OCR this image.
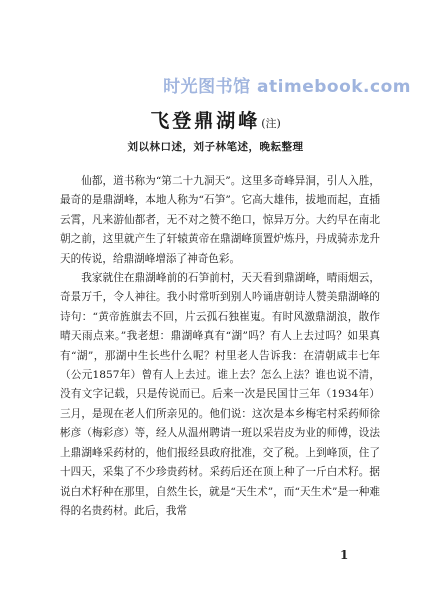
时光图书馆 atimebook.com
飞登鼎湖峰(注)
刘以林口述，刘子林笔述，晚耘整理

仙都，道书称为“第二十九洞天”。这里多奇峰异洞，引人入胜，最奇的是鼎湖峰，本地人称为“石笋”。它高大雄伟，拔地而起，直插云霄，凡来游仙都者，无不对之赞不绝口，惊异万分。大约早在南北朝之前，这里就产生了轩辕黄帝在鼎湖峰顶置炉炼丹，丹成骑赤龙升天的传说，给鼎湖峰增添了神奇色彩。

我家就住在鼎湖峰前的石笋前村，天天看到鼎湖峰，晴雨烟云，奇景万千，令人神往。我小时常听到别人吟诵唐朝诗人赞美鼎湖峰的诗句：“黄帝旌旗去不回，片云孤石独崔嵬。有时风激鼎湖浪，散作晴天雨点来。”我老想：鼎湖峰真有“湖”吗？有人上去过吗？如果真有“湖”，那湖中生长些什么呢？村里老人告诉我：在清朝咸丰七年（公元1857年）曾有人上去过。谁上去？怎么上法？谁也说不清，没有文字记载，只是传说而已。后来一次是民国廿三年（1934年）三月，是现在老人们所亲见的。他们说：这次是本乡梅宅村采药师徐彬彦（梅彩彦）等，经人从温州聘请一班以采岩皮为业的师傅，设法上鼎湖峰采药材的，他们报经县政府批准，交了税。上到峰顶，住了十四天，采集了不少珍贵药材。采药后还在顶上种了一斤白术籽。据说白术籽种在那里，自然生长，就是“天生术”，而“天生术”是一种难得的名贵药材。此后，我常

1
